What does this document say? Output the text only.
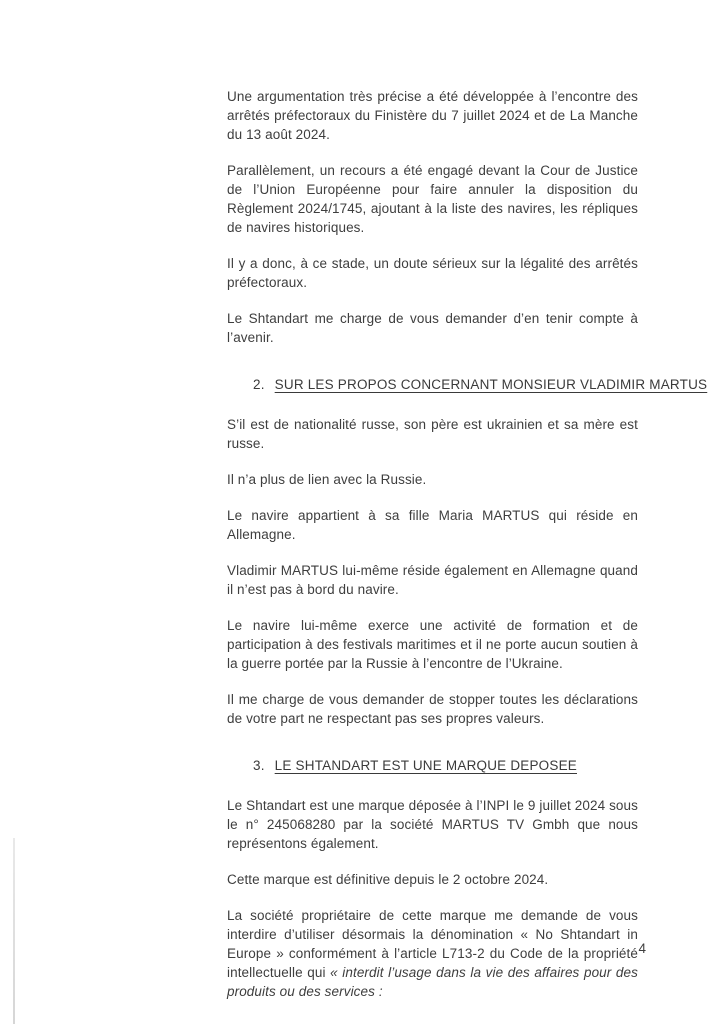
Une argumentation très précise a été développée à l’encontre des arrêtés préfectoraux du Finistère du 7 juillet 2024 et de La Manche du 13 août 2024.

Parallèlement, un recours a été engagé devant la Cour de Justice de l’Union Européenne pour faire annuler la disposition du Règlement 2024/1745, ajoutant à la liste des navires, les répliques de navires historiques.

Il y a donc, à ce stade, un doute sérieux sur la légalité des arrêtés préfectoraux.

Le Shtandart me charge de vous demander d’en tenir compte à l’avenir.

2. SUR LES PROPOS CONCERNANT MONSIEUR VLADIMIR MARTUS

S’il est de nationalité russe, son père est ukrainien et sa mère est russe.

Il n’a plus de lien avec la Russie.

Le navire appartient à sa fille Maria MARTUS qui réside en Allemagne.

Vladimir MARTUS lui-même réside également en Allemagne quand il n’est pas à bord du navire.

Le navire lui-même exerce une activité de formation et de participation à des festivals maritimes et il ne porte aucun soutien à la guerre portée par la Russie à l’encontre de l’Ukraine.

Il me charge de vous demander de stopper toutes les déclarations de votre part ne respectant pas ses propres valeurs.

3. LE SHTANDART EST UNE MARQUE DEPOSEE

Le Shtandart est une marque déposée à l’INPI le 9 juillet 2024 sous le n° 245068280 par la société MARTUS TV Gmbh que nous représentons également.

Cette marque est définitive depuis le 2 octobre 2024.

La société propriétaire de cette marque me demande de vous interdire d’utiliser désormais la dénomination « No Shtandart in Europe » conformément à l’article L713-2 du Code de la propriété intellectuelle qui « interdit l’usage dans la vie des affaires pour des produits ou des services :

4
